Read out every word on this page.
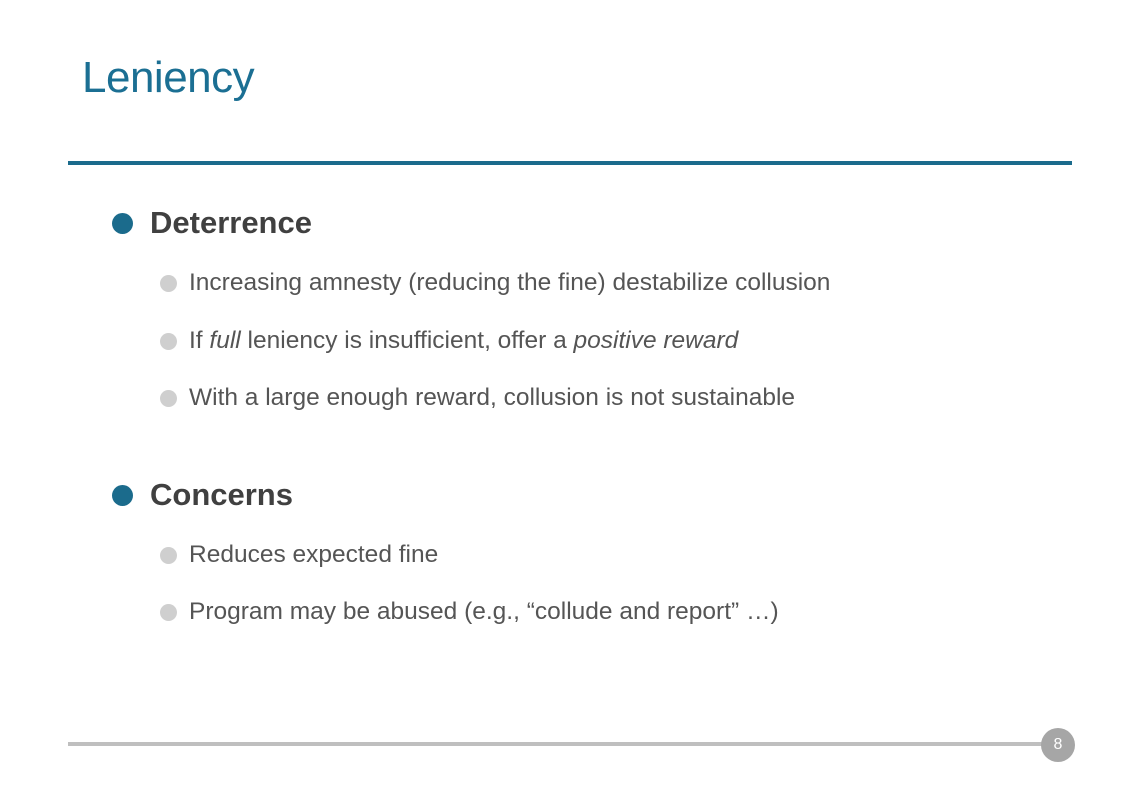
Leniency
Deterrence
Increasing amnesty (reducing the fine) destabilize collusion
If full leniency is insufficient, offer a positive reward
With a large enough reward, collusion is not sustainable
Concerns
Reduces expected fine
Program may be abused (e.g., “collude and report” …)
8
